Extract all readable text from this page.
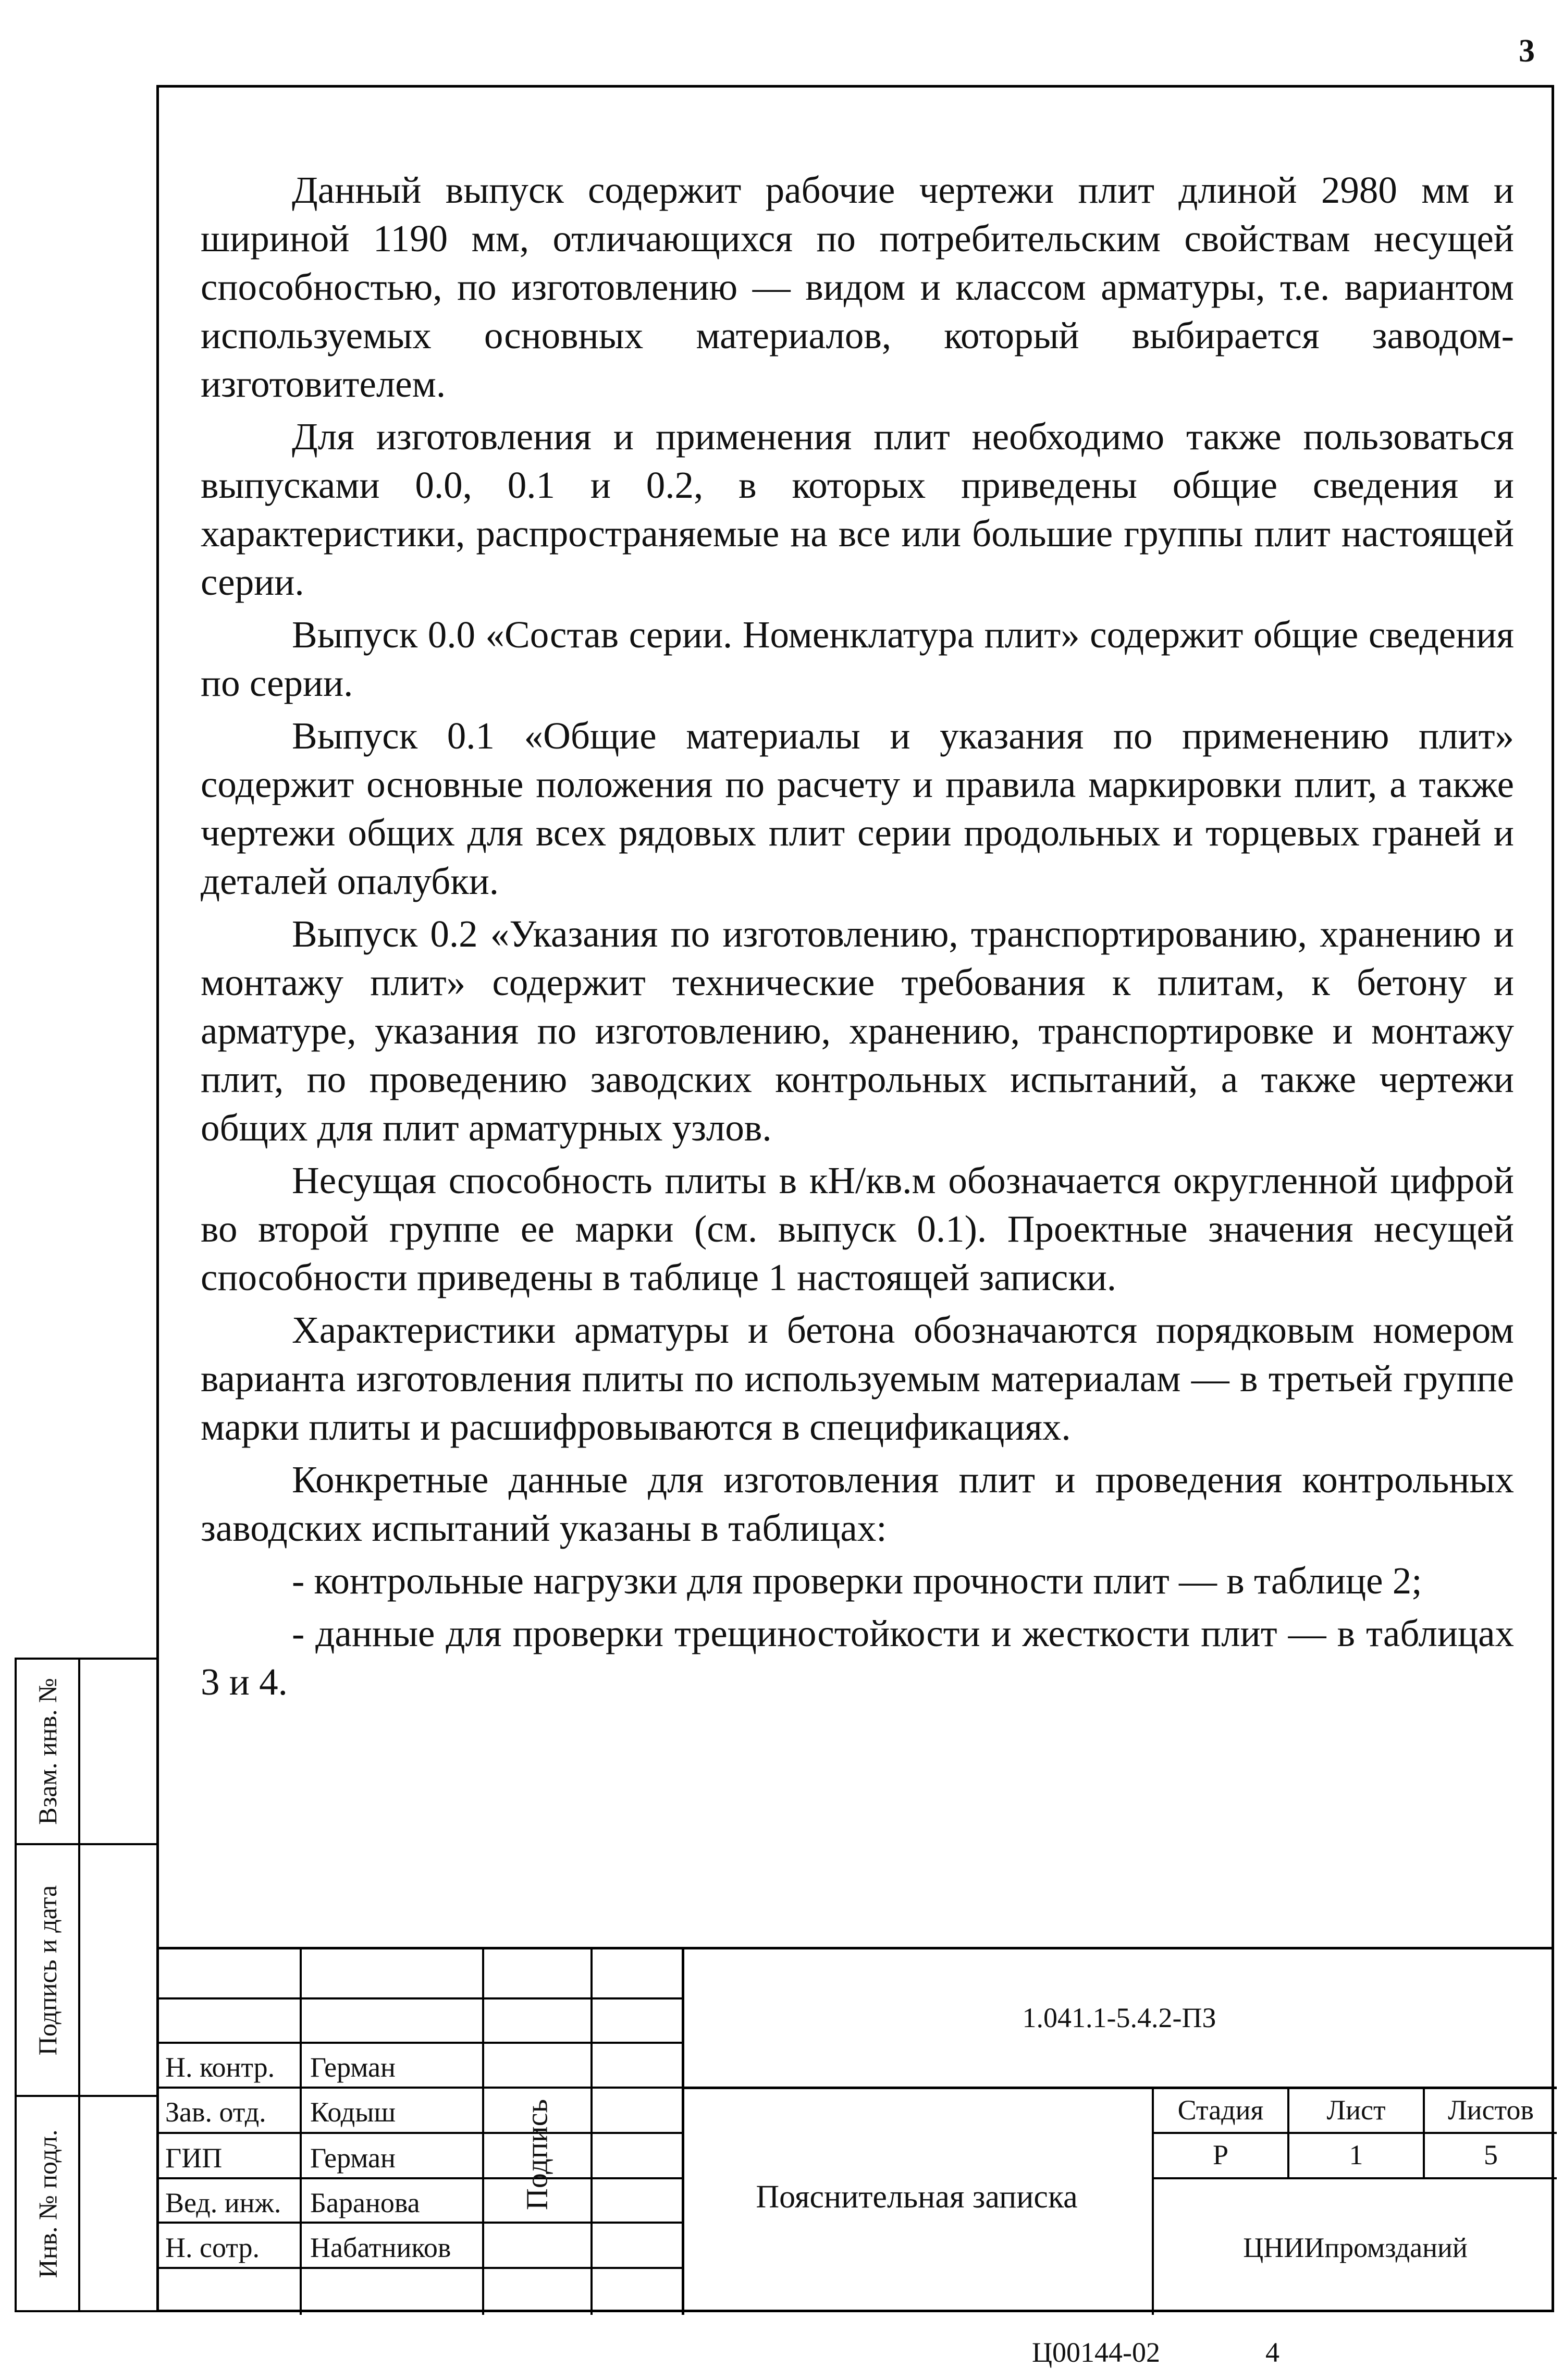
3

Данный выпуск содержит рабочие чертежи плит длиной 2980 мм и шириной 1190 мм, отличающихся по потребительским свойствам несущей способностью, по изготовлению — видом и классом арматуры, т.е. вариантом используемых основных материалов, который выбирается заводом-изготовителем.

Для изготовления и применения плит необходимо также пользоваться выпусками 0.0, 0.1 и 0.2, в которых приведены общие сведения и характеристики, распространяемые на все или большие группы плит настоящей серии.

Выпуск 0.0 «Состав серии. Номенклатура плит» содержит общие сведения по серии.

Выпуск 0.1 «Общие материалы и указания по применению плит» содержит основные положения по расчету и правила маркировки плит, а также чертежи общих для всех рядовых плит серии продольных и торцевых граней и деталей опалубки.

Выпуск 0.2 «Указания по изготовлению, транспортированию, хранению и монтажу плит» содержит технические требования к плитам, к бетону и арматуре, указания по изготовлению, хранению, транспортировке и монтажу плит, по проведению заводских контрольных испытаний, а также чертежи общих для плит арматурных узлов.

Несущая способность плиты в кН/кв.м обозначается округленной цифрой во второй группе ее марки (см. выпуск 0.1). Проектные значения несущей способности приведены в таблице 1 настоящей записки.

Характеристики арматуры и бетона обозначаются порядковым номером варианта изготовления плиты по используемым материалам — в третьей группе марки плиты и расшифровываются в спецификациях.

Конкретные данные для изготовления плит и проведения контрольных заводских испытаний указаны в таблицах:

- контрольные нагрузки для проверки прочности плит — в таблице 2;

- данные для проверки трещиностойкости и жесткости плит — в таблицах 3 и 4.

Взам. инв. №
Подпись и дата
Инв. № подл.
Н. контр. Герман
Зав. отд. Кодыш
ГИП	Герман
Вед. инж. Баранова
Н. сотр. Набатников
Подпись
1.041.1-5.4.2-ПЗ
Пояснительная записка
Стадия	Лист	Листов
Р	1	5
ЦНИИпромзданий
Ц00144-02	4
